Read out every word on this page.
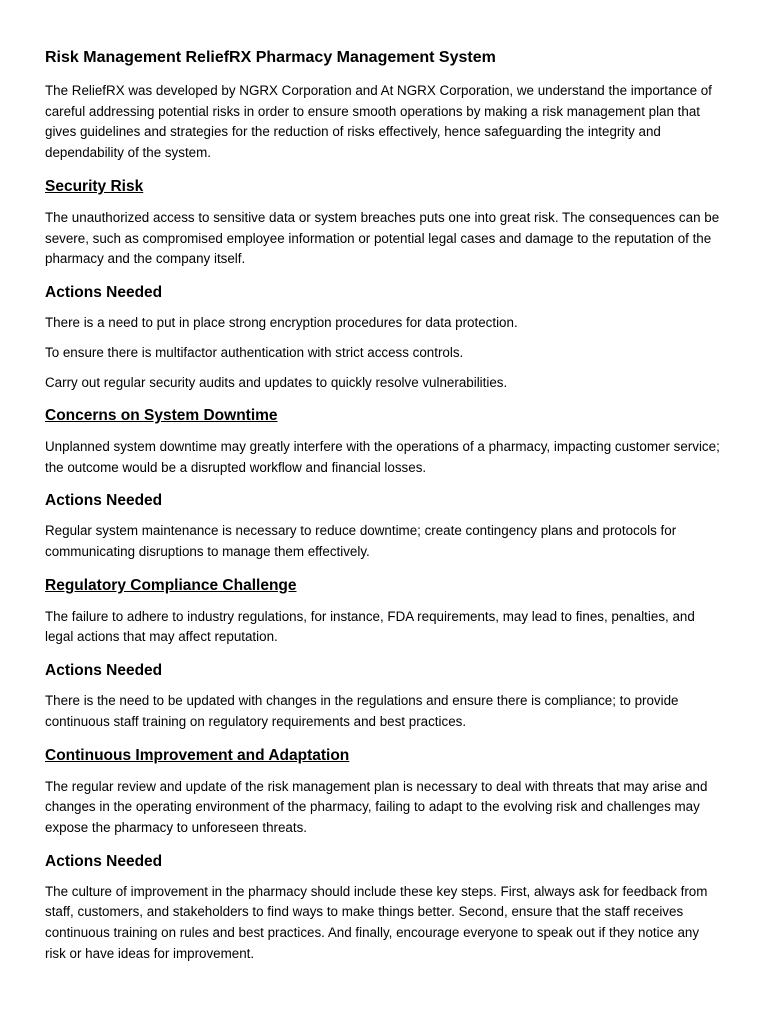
Risk Management ReliefRX Pharmacy Management System

The ReliefRX was developed by NGRX Corporation and At NGRX Corporation, we understand the importance of careful addressing potential risks in order to ensure smooth operations by making a risk management plan that gives guidelines and strategies for the reduction of risks effectively, hence safeguarding the integrity and dependability of the system.

Security Risk

The unauthorized access to sensitive data or system breaches puts one into great risk. The consequences can be severe, such as compromised employee information or potential legal cases and damage to the reputation of the pharmacy and the company itself.

Actions Needed

There is a need to put in place strong encryption procedures for data protection.

To ensure there is multifactor authentication with strict access controls.

Carry out regular security audits and updates to quickly resolve vulnerabilities.

Concerns on System Downtime

Unplanned system downtime may greatly interfere with the operations of a pharmacy, impacting customer service; the outcome would be a disrupted workflow and financial losses.

Actions Needed

Regular system maintenance is necessary to reduce downtime; create contingency plans and protocols for communicating disruptions to manage them effectively.

Regulatory Compliance Challenge

The failure to adhere to industry regulations, for instance, FDA requirements, may lead to fines, penalties, and legal actions that may affect reputation.

Actions Needed

There is the need to be updated with changes in the regulations and ensure there is compliance; to provide continuous staff training on regulatory requirements and best practices.

Continuous Improvement and Adaptation

The regular review and update of the risk management plan is necessary to deal with threats that may arise and changes in the operating environment of the pharmacy, failing to adapt to the evolving risk and challenges may expose the pharmacy to unforeseen threats.

Actions Needed

The culture of improvement in the pharmacy should include these key steps. First, always ask for feedback from staff, customers, and stakeholders to find ways to make things better. Second, ensure that the staff receives continuous training on rules and best practices. And finally, encourage everyone to speak out if they notice any risk or have ideas for improvement.
